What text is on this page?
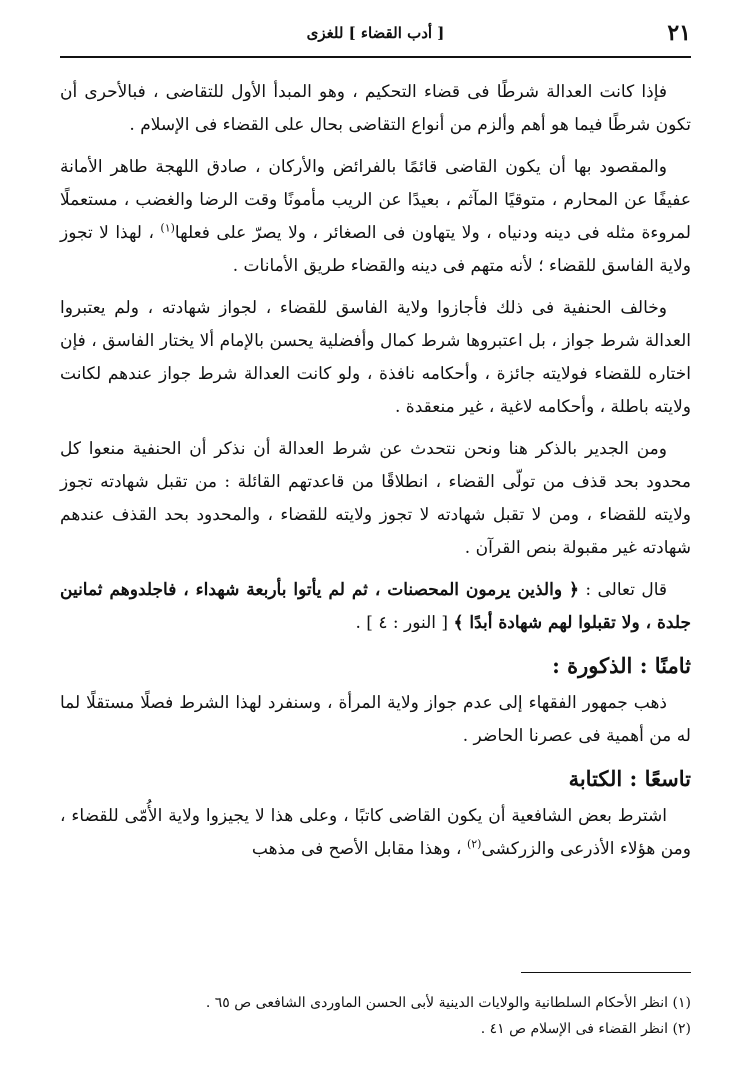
٢١
[ أدب القضاء ] للغزى

فإذا كانت العدالة شرطًا فى قضاء التحكيم ، وهو المبدأ الأول للتقاضى ، فبالأحرى أن تكون شرطًا فيما هو أهم وألزم من أنواع التقاضى بحال على القضاء فى الإسلام .

والمقصود بها أن يكون القاضى قائمًا بالفرائض والأركان ، صادق اللهجة طاهر الأمانة عفيفًا عن المحارم ، متوقيًا المآثم ، بعيدًا عن الريب مأمونًا وقت الرضا والغضب ، مستعملًا لمروءة مثله فى دينه ودنياه ، ولا يتهاون فى الصغائر ، ولا يصرّ على فعلها$^{(١)}$ ، لهذا لا تجوز ولاية الفاسق للقضاء ؛ لأنه متهم فى دينه والقضاء طريق الأمانات .

وخالف الحنفية فى ذلك فأجازوا ولاية الفاسق للقضاء ، لجواز شهادته ، ولم يعتبروا العدالة شرط جواز ، بل اعتبروها شرط كمال وأفضلية يحسن بالإمام ألا يختار الفاسق ، فإن اختاره للقضاء فولايته جائزة ، وأحكامه نافذة ، ولو كانت العدالة شرط جواز عندهم لكانت ولايته باطلة ، وأحكامه لاغية ، غير منعقدة .

ومن الجدير بالذكر هنا ونحن نتحدث عن شرط العدالة أن نذكر أن الحنفية منعوا كل محدود بحد قذف من تولّى القضاء ، انطلاقًا من قاعدتهم القائلة : من تقبل شهادته تجوز ولايته للقضاء ، ومن لا تقبل شهادته لا تجوز ولايته للقضاء ، والمحدود بحد القذف عندهم شهادته غير مقبولة بنص القرآن .

قال تعالى : ﴿ والذين يرمون المحصنات ، ثم لم يأتوا بأربعة شهداء ، فاجلدوهم ثمانين جلدة ، ولا تقبلوا لهم شهادة أبدًا ﴾ [ النور : ٤ ] .

ثامنًا : الذكورة :

ذهب جمهور الفقهاء إلى عدم جواز ولاية المرأة ، وسنفرد لهذا الشرط فصلًا مستقلًا لما له من أهمية فى عصرنا الحاضر .

تاسعًا : الكتابة

اشترط بعض الشافعية أن يكون القاضى كاتبًا ، وعلى هذا لا يجيزوا ولاية الأُمّى للقضاء ، ومن هؤلاء الأذرعى والزركشى$^{(٢)}$ ، وهذا مقابل الأصح فى مذهب

(١) انظر الأحكام السلطانية والولايات الدينية لأبى الحسن الماوردى الشافعى ص ٦٥ .
(٢) انظر القضاء فى الإسلام ص ٤١ .
